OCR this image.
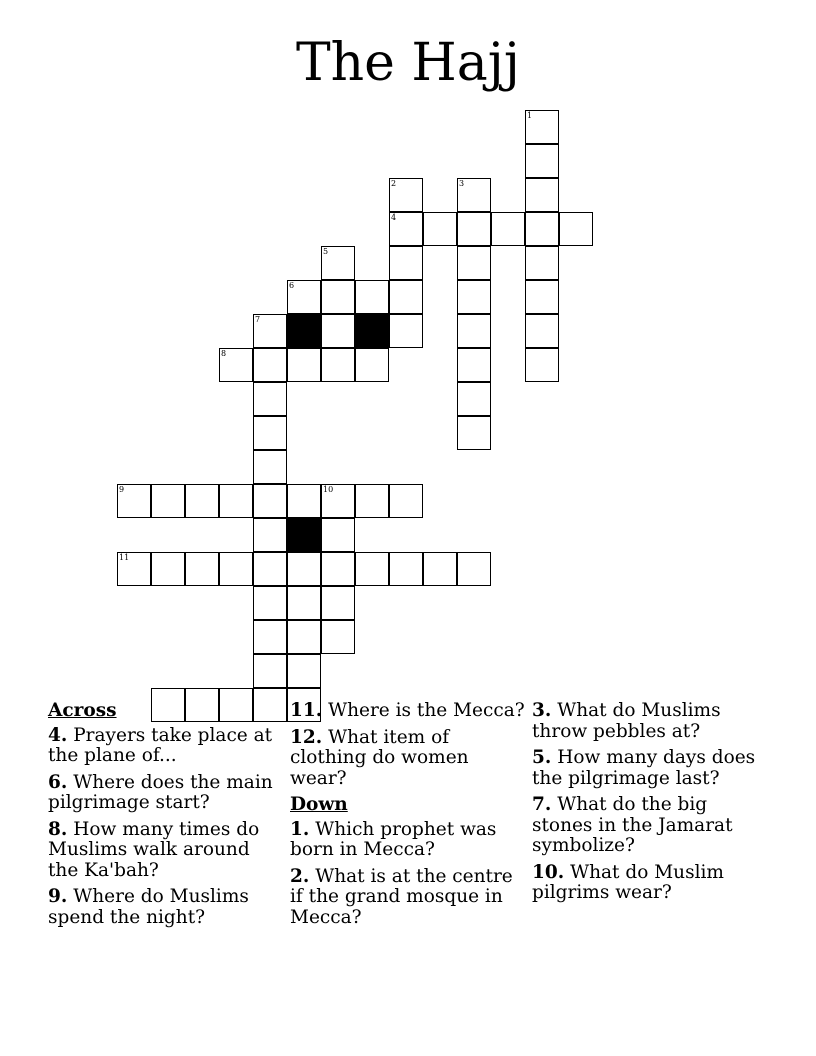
The Hajj
1
2
4
3
5
6
7
8
9	10
11
Across
4. Prayers take place at the plane of...
6. Where does the main pilgrimage start?
8. How many times do Muslims walk around the Ka'bah?
9. Where do Muslims spend the night?
11. Where is the Mecca?
12. What item of clothing do women wear?
Down
1. Which prophet was born in Mecca?
2. What is at the centre if the grand mosque in Mecca?
3. What do Muslims throw pebbles at?
5. How many days does the pilgrimage last?
7. What do the big stones in the Jamarat symbolize?
10. What do Muslim pilgrims wear?
